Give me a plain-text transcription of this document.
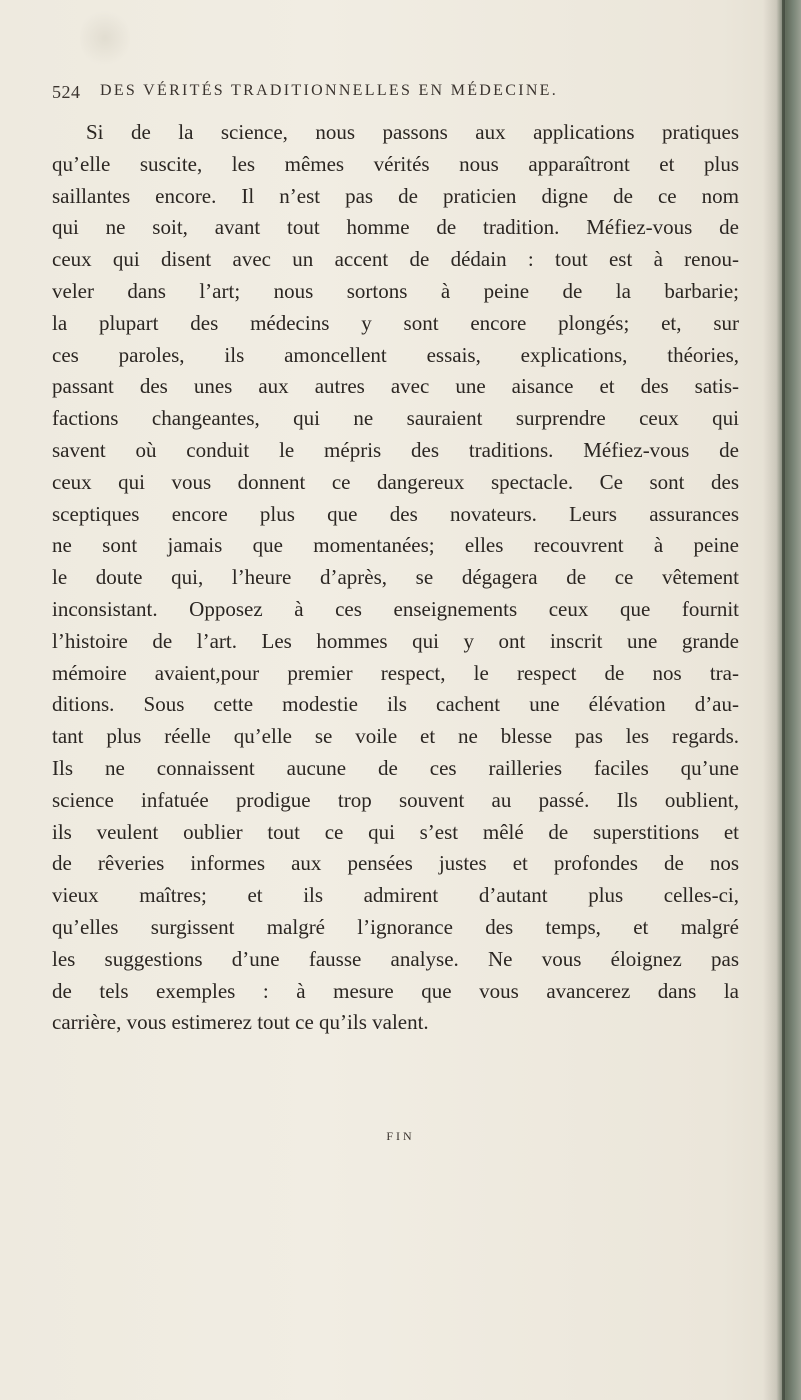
524 DES VÉRITÉS TRADITIONNELLES EN MÉDECINE.
Si de la science, nous passons aux applications pratiques
qu’elle suscite, les mêmes vérités nous apparaîtront et plus
saillantes encore. Il n’est pas de praticien digne de ce nom
qui ne soit, avant tout homme de tradition. Méfiez-vous de
ceux qui disent avec un accent de dédain : tout est à renou-
veler dans l’art; nous sortons à peine de la barbarie;
la plupart des médecins y sont encore plongés; et, sur
ces paroles, ils amoncellent essais, explications, théories,
passant des unes aux autres avec une aisance et des satis-
factions changeantes, qui ne sauraient surprendre ceux qui
savent où conduit le mépris des traditions. Méfiez-vous de
ceux qui vous donnent ce dangereux spectacle. Ce sont des
sceptiques encore plus que des novateurs. Leurs assurances
ne sont jamais que momentanées; elles recouvrent à peine
le doute qui, l’heure d’après, se dégagera de ce vêtement
inconsistant. Opposez à ces enseignements ceux que fournit
l’histoire de l’art. Les hommes qui y ont inscrit une grande
mémoire avaient,pour premier respect, le respect de nos tra-
ditions. Sous cette modestie ils cachent une élévation d’au-
tant plus réelle qu’elle se voile et ne blesse pas les regards.
Ils ne connaissent aucune de ces railleries faciles qu’une
science infatuée prodigue trop souvent au passé. Ils oublient,
ils veulent oublier tout ce qui s’est mêlé de superstitions et
de rêveries informes aux pensées justes et profondes de nos
vieux maîtres; et ils admirent d’autant plus celles-ci,
qu’elles surgissent malgré l’ignorance des temps, et malgré
les suggestions d’une fausse analyse. Ne vous éloignez pas
de tels exemples : à mesure que vous avancerez dans la
carrière, vous estimerez tout ce qu’ils valent.
FIN
